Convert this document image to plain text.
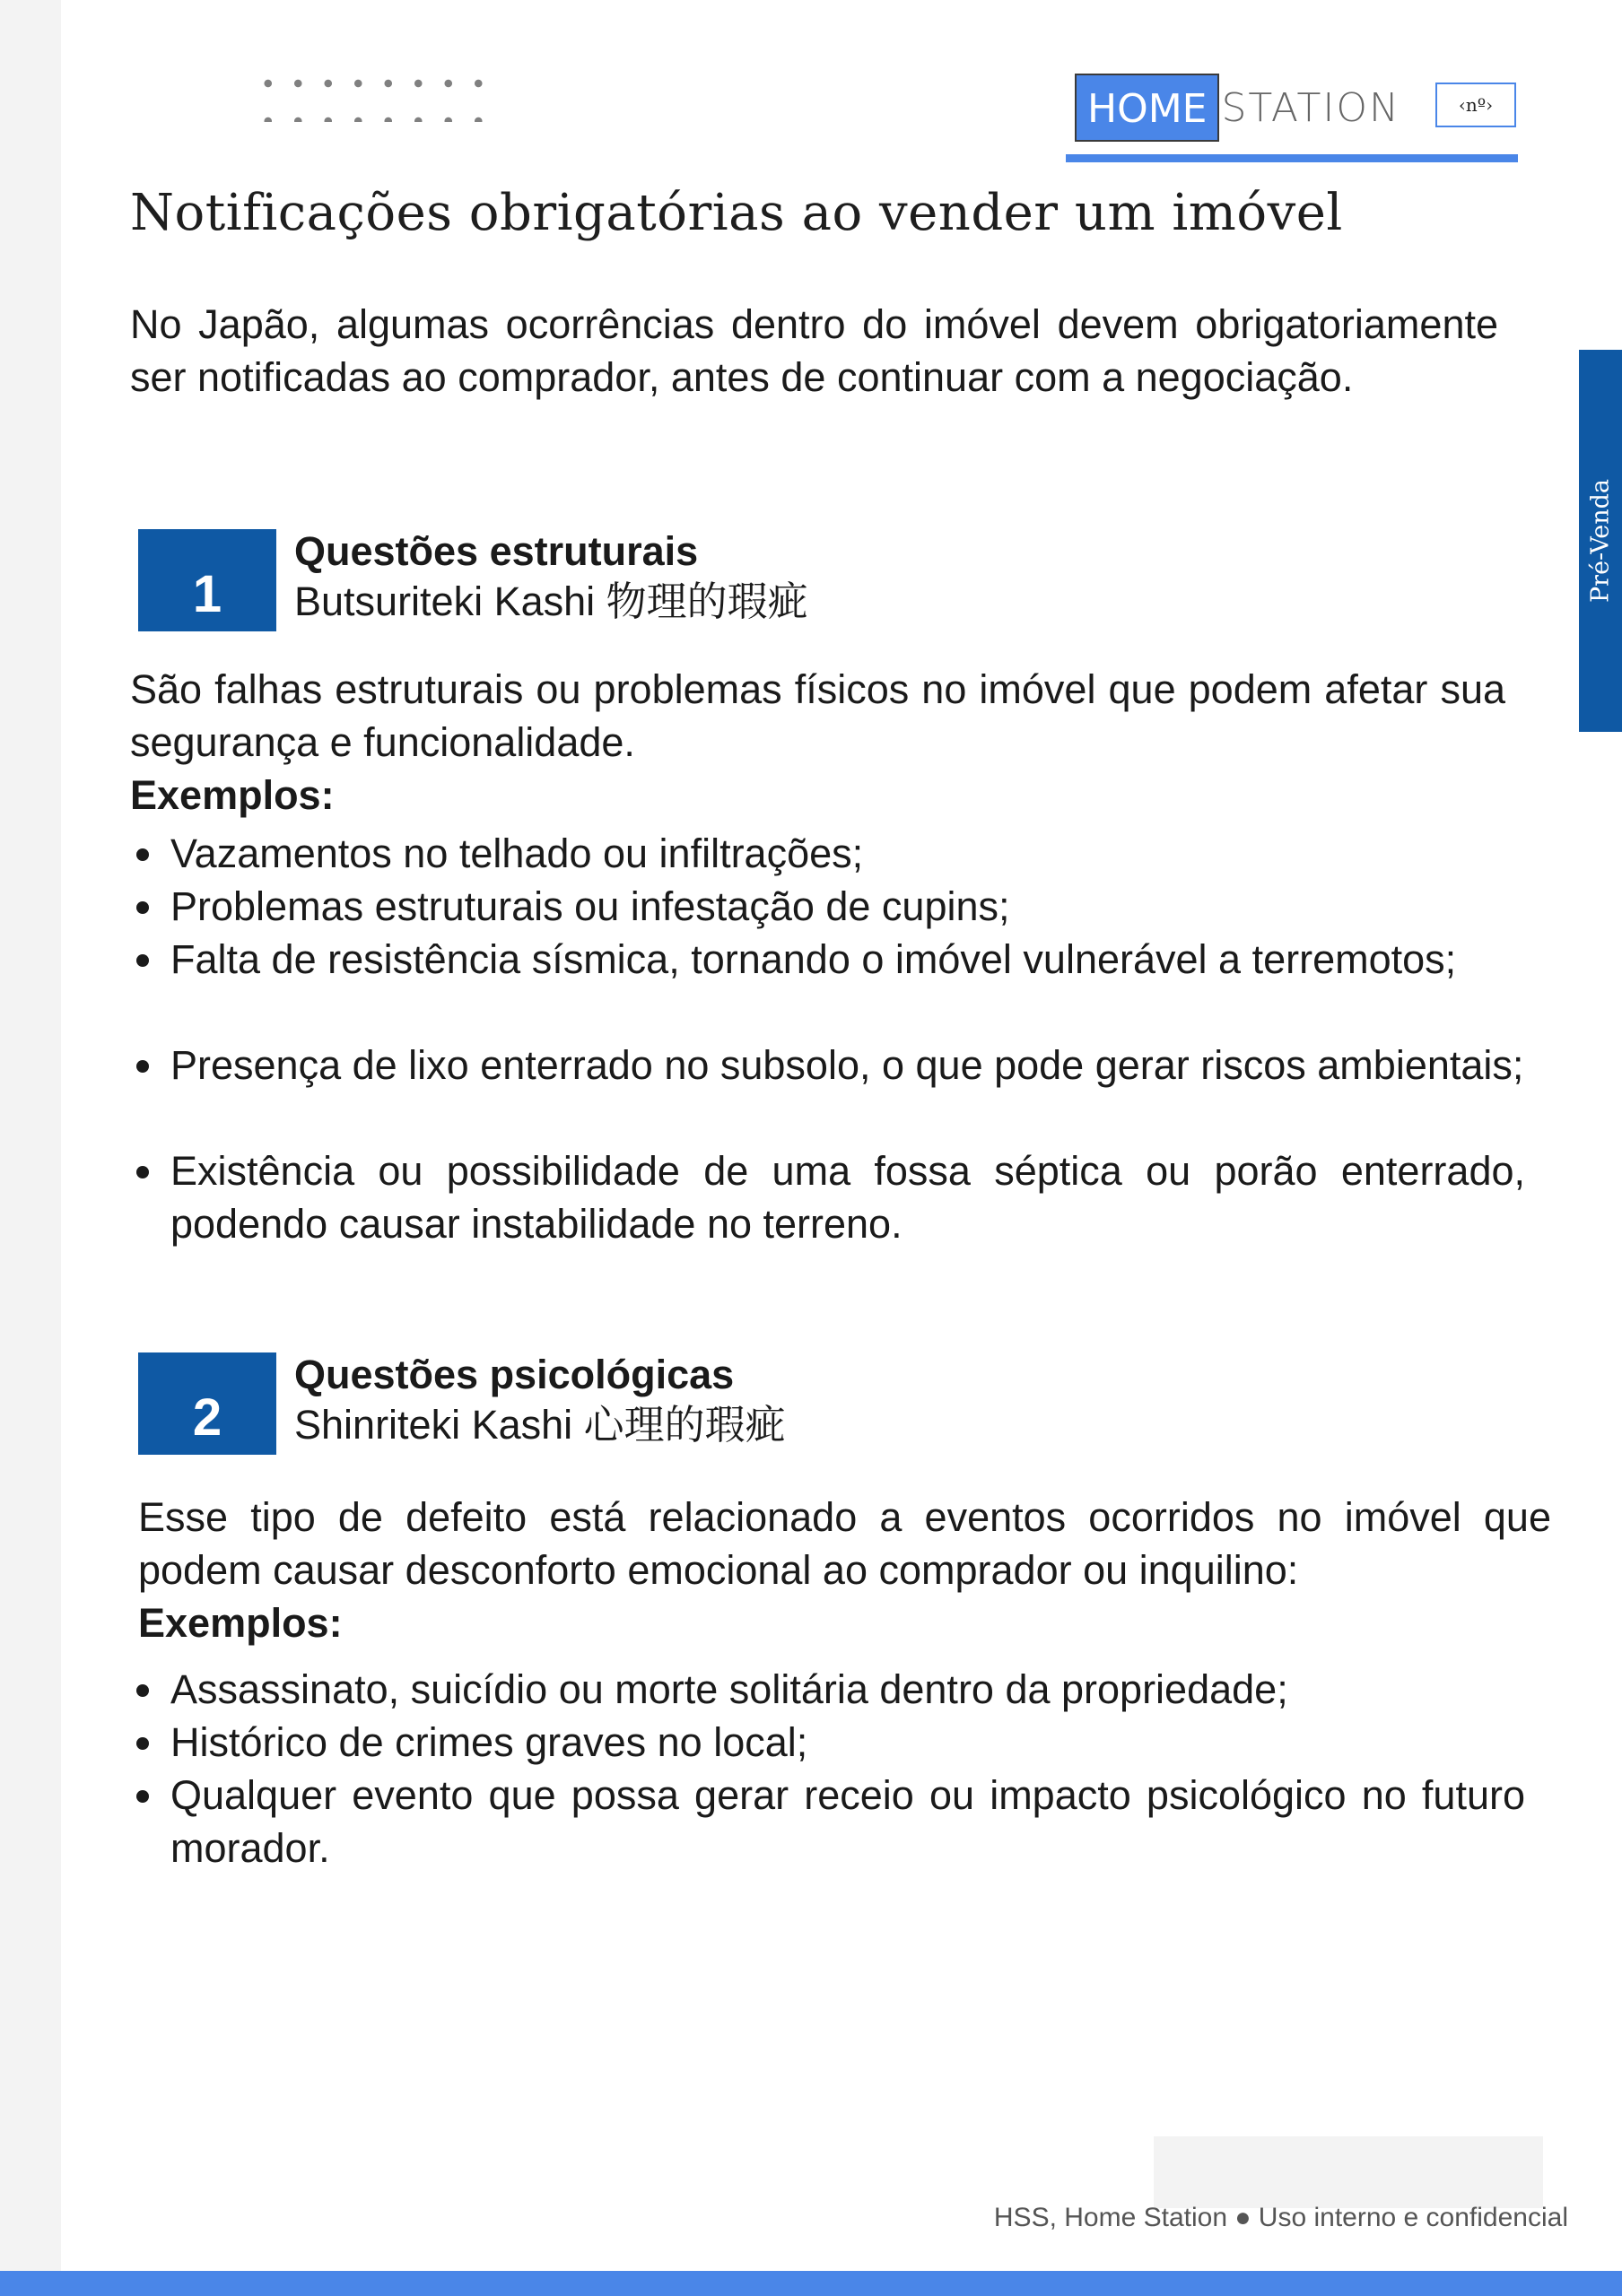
HOME STATION	‹nº›
Pré-Venda
Notificações obrigatórias ao vender um imóvel
No Japão, algumas ocorrências dentro do imóvel devem obrigatoriamente ser notificadas ao comprador, antes de continuar com a negociação.
1
Questões estruturais
Butsuriteki Kashi 物理的瑕疵

São falhas estruturais ou problemas físicos no imóvel que podem afetar sua segurança e funcionalidade.

Exemplos:

Vazamentos no telhado ou infiltrações;
Problemas estruturais ou infestação de cupins;
Falta de resistência sísmica, tornando o imóvel vulnerável a terremotos;
Presença de lixo enterrado no subsolo, o que pode gerar riscos ambientais;
Existência ou possibilidade de uma fossa séptica ou porão enterrado, podendo causar instabilidade no terreno.
2
Questões psicológicas
Shinriteki Kashi 心理的瑕疵

Esse tipo de defeito está relacionado a eventos ocorridos no imóvel que podem causar desconforto emocional ao comprador ou inquilino:

Exemplos:

Assassinato, suicídio ou morte solitária dentro da propriedade;
Histórico de crimes graves no local;
Qualquer evento que possa gerar receio ou impacto psicológico no futuro morador.
HSS, Home Station ● Uso interno e confidencial
